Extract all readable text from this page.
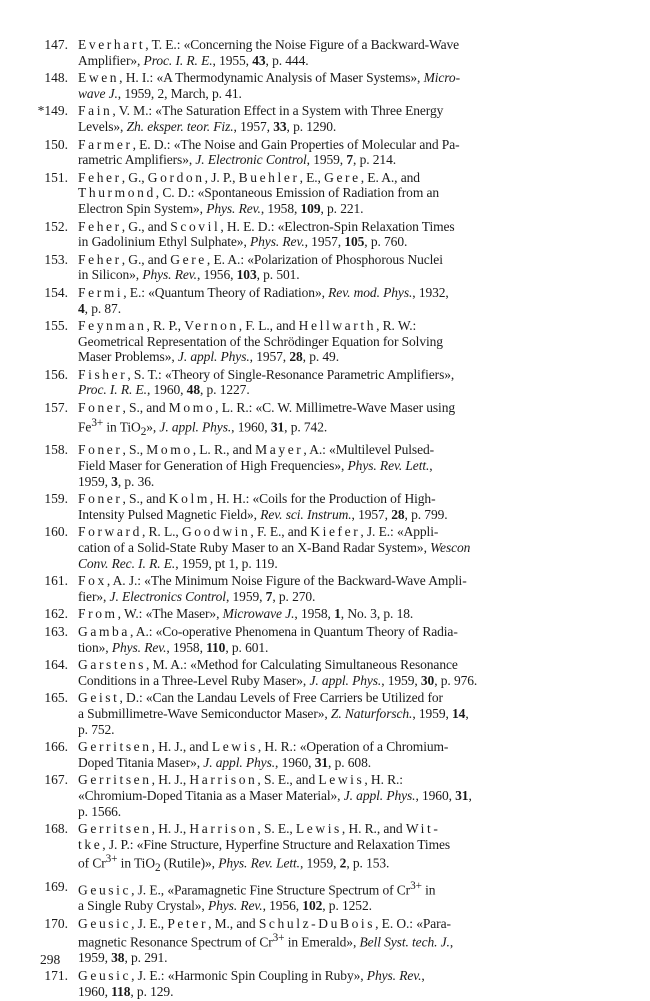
147. Everhart, T. E.: «Concerning the Noise Figure of a Backward-Wave
Amplifier», Proc. I. R. E., 1955, 43, p. 444.
148. Ewen, H. I.: «A Thermodynamic Analysis of Maser Systems», Micro-
wave J., 1959, 2, March, p. 41.
*149. Fain, V. M.: «The Saturation Effect in a System with Three Energy
Levels», Zh. eksper. teor. Fiz., 1957, 33, p. 1290.
150. Farmer, E. D.: «The Noise and Gain Properties of Molecular and Pa-
rametric Amplifiers», J. Electronic Control, 1959, 7, p. 214.
151. Feher, G., Gordon, J. P., Buehler, E., Gere, E. A., and
Thurmond, C. D.: «Spontaneous Emission of Radiation from an
Electron Spin System», Phys. Rev., 1958, 109, p. 221.
152. Feher, G., and Scovil, H. E. D.: «Electron-Spin Relaxation Times
in Gadolinium Ethyl Sulphate», Phys. Rev., 1957, 105, p. 760.
153. Feher, G., and Gere, E. A.: «Polarization of Phosphorous Nuclei
in Silicon», Phys. Rev., 1956, 103, p. 501.
154. Fermi, E.: «Quantum Theory of Radiation», Rev. mod. Phys., 1932,
4, p. 87.
155. Feynman, R. P., Vernon, F. L., and Hellwarth, R. W.:
Geometrical Representation of the Schrödinger Equation for Solving
Maser Problems», J. appl. Phys., 1957, 28, p. 49.
156. Fisher, S. T.: «Theory of Single-Resonance Parametric Amplifiers»,
Proc. I. R. E., 1960, 48, p. 1227.
157. Foner, S., and Momo, L. R.: «C. W. Millimetre-Wave Maser using
$Fe^{3+}$ in TiO$_2$», J. appl. Phys., 1960, 31, p. 742.
158. Foner, S., Momo, L. R., and Mayer, A.: «Multilevel Pulsed-
Field Maser for Generation of High Frequencies», Phys. Rev. Lett.,
1959, 3, p. 36.
159. Foner, S., and Kolm, H. H.: «Coils for the Production of High-
Intensity Pulsed Magnetic Field», Rev. sci. Instrum., 1957, 28, p. 799.
160. Forward, R. L., Goodwin, F. E., and Kiefer, J. E.: «Appli-
cation of a Solid-State Ruby Maser to an X-Band Radar System», Wescon
Conv. Rec. I. R. E., 1959, pt 1, p. 119.
161. Fox, A. J.: «The Minimum Noise Figure of the Backward-Wave Ampli-
fier», J. Electronics Control, 1959, 7, p. 270.
162. From, W.: «The Maser», Microwave J., 1958, 1, No. 3, p. 18.
163. Gamba, A.: «Co-operative Phenomena in Quantum Theory of Radia-
tion», Phys. Rev., 1958, 110, p. 601.
164. Garstens, M. A.: «Method for Calculating Simultaneous Resonance
Conditions in a Three-Level Ruby Maser», J. appl. Phys., 1959, 30, p. 976.
165. Geist, D.: «Can the Landau Levels of Free Carriers be Utilized for
a Submillimetre-Wave Semiconductor Maser», Z. Naturforsch., 1959, 14,
p. 752.
166. Gerritsen, H. J., and Lewis, H. R.: «Operation of a Chromium-
Doped Titania Maser», J. appl. Phys., 1960, 31, p. 608.
167. Gerritsen, H. J., Harrison, S. E., and Lewis, H. R.:
«Chromium-Doped Titania as a Maser Material», J. appl. Phys., 1960, 31,
p. 1566.
168. Gerritsen, H. J., Harrison, S. E., Lewis, H. R., and Wit-
tke, J. P.: «Fine Structure, Hyperfine Structure and Relaxation Times
of $Cr^{3+}$ in TiO$_2$ (Rutile)», Phys. Rev. Lett., 1959, 2, p. 153.
169. Geusic, J. E., «Paramagnetic Fine Structure Spectrum of $Cr^{3+}$ in
a Single Ruby Crystal», Phys. Rev., 1956, 102, p. 1252.
170. Geusic, J. E., Peter, M., and Schulz-DuBois, E. O.: «Para-
magnetic Resonance Spectrum of $Cr^{3+}$ in Emerald», Bell Syst. tech. J.,
1959, 38, p. 291.
171. Geusic, J. E.: «Harmonic Spin Coupling in Ruby», Phys. Rev.,
1960, 118, p. 129.
298
